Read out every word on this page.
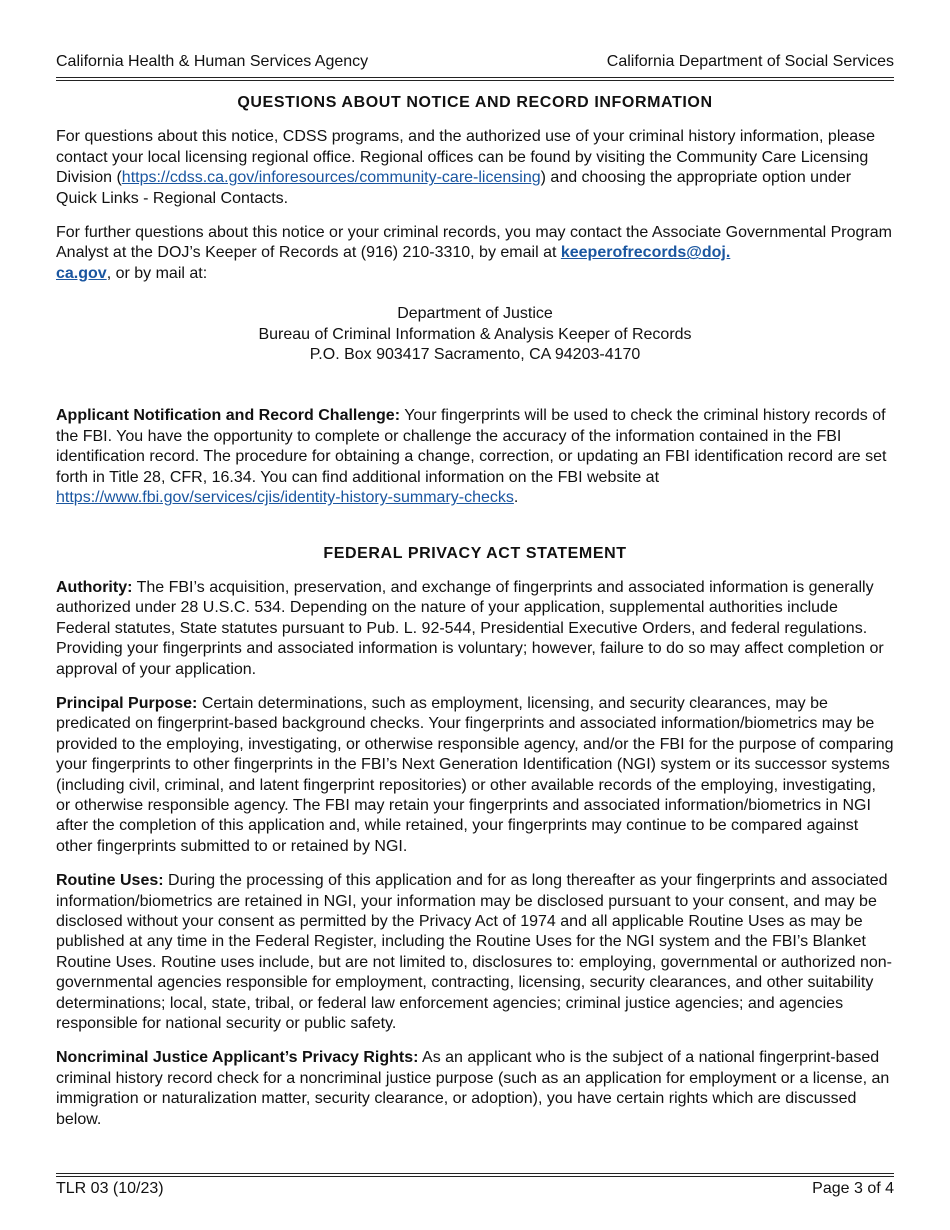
California Health & Human Services Agency	California Department of Social Services
QUESTIONS ABOUT NOTICE AND RECORD INFORMATION

For questions about this notice, CDSS programs, and the authorized use of your criminal history information, please contact your local licensing regional office. Regional offices can be found by visiting the Community Care Licensing Division (https://cdss.ca.gov/inforesources/community-care-licensing) and choosing the appropriate option under Quick Links - Regional Contacts.

For further questions about this notice or your criminal records, you may contact the Associate Governmental Program Analyst at the DOJ’s Keeper of Records at (916) 210-3310, by email at keeperofrecords@doj.
ca.gov, or by mail at:

Department of Justice
Bureau of Criminal Information & Analysis Keeper of Records
P.O. Box 903417 Sacramento, CA 94203-4170

Applicant Notification and Record Challenge: Your fingerprints will be used to check the criminal history records of the FBI. You have the opportunity to complete or challenge the accuracy of the information contained in the FBI identification record. The procedure for obtaining a change, correction, or updating an FBI identification record are set forth in Title 28, CFR, 16.34. You can find additional information on the FBI website at https://www.fbi.gov/services/cjis/identity-history-summary-checks.

FEDERAL PRIVACY ACT STATEMENT

Authority: The FBI’s acquisition, preservation, and exchange of fingerprints and associated information is generally authorized under 28 U.S.C. 534. Depending on the nature of your application, supplemental authorities include Federal statutes, State statutes pursuant to Pub. L. 92-544, Presidential Executive Orders, and federal regulations. Providing your fingerprints and associated information is voluntary; however, failure to do so may affect completion or approval of your application.

Principal Purpose: Certain determinations, such as employment, licensing, and security clearances, may be predicated on fingerprint-based background checks. Your fingerprints and associated information/biometrics may be provided to the employing, investigating, or otherwise responsible agency, and/or the FBI for the purpose of comparing your fingerprints to other fingerprints in the FBI’s Next Generation Identification (NGI) system or its successor systems (including civil, criminal, and latent fingerprint repositories) or other available records of the employing, investigating, or otherwise responsible agency. The FBI may retain your fingerprints and associated information/biometrics in NGI after the completion of this application and, while retained, your fingerprints may continue to be compared against other fingerprints submitted to or retained by NGI.

Routine Uses: During the processing of this application and for as long thereafter as your fingerprints and associated information/biometrics are retained in NGI, your information may be disclosed pursuant to your consent, and may be disclosed without your consent as permitted by the Privacy Act of 1974 and all applicable Routine Uses as may be published at any time in the Federal Register, including the Routine Uses for the NGI system and the FBI’s Blanket Routine Uses. Routine uses include, but are not limited to, disclosures to: employing, governmental or authorized non-governmental agencies responsible for employment, contracting, licensing, security clearances, and other suitability determinations; local, state, tribal, or federal law enforcement agencies; criminal justice agencies; and agencies responsible for national security or public safety.

Noncriminal Justice Applicant’s Privacy Rights: As an applicant who is the subject of a national fingerprint-based criminal history record check for a noncriminal justice purpose (such as an application for employment or a license, an immigration or naturalization matter, security clearance, or adoption), you have certain rights which are discussed below.

TLR 03 (10/23)	Page 3 of 4
